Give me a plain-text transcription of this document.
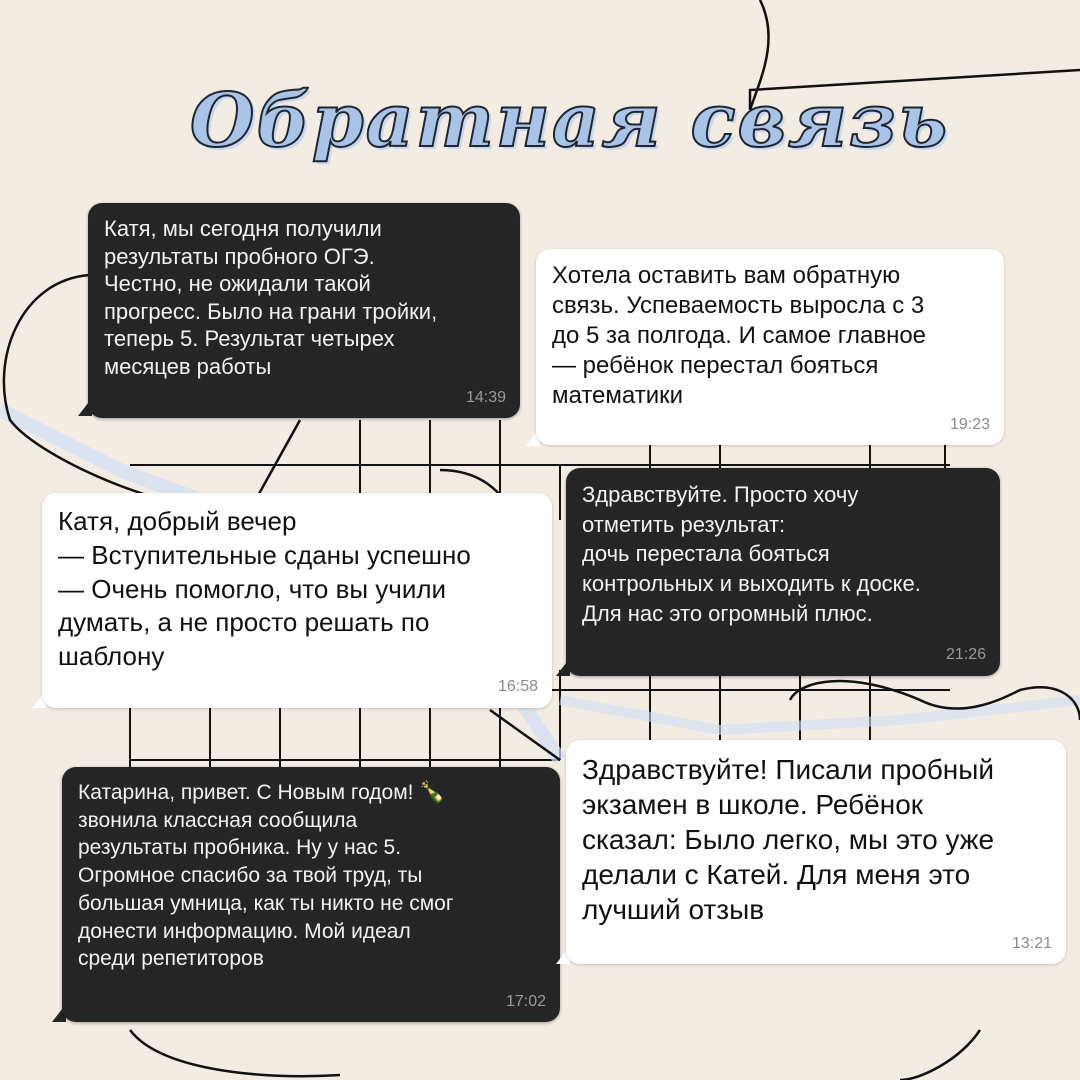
Обратная связь
Катя, мы сегодня получили
результаты пробного ОГЭ.
Честно, не ожидали такой
прогресс. Было на грани тройки,
теперь 5. Результат четырех
месяцев работы
14:39
Хотела оставить вам обратную
связь. Успеваемость выросла с 3
до 5 за полгода. И самое главное
— ребёнок перестал бояться
математики
19:23
Катя, добрый вечер
— Вступительные сданы успешно
— Очень помогло, что вы учили
думать, а не просто решать по
шаблону
16:58
Здравствуйте. Просто хочу
отметить результат:
дочь перестала бояться
контрольных и выходить к доске.
Для нас это огромный плюс.
21:26
Катарина, привет. С Новым годом! 🍾
звонила классная сообщила
результаты пробника. Ну у нас 5.
Огромное спасибо за твой труд, ты
большая умница, как ты никто не смог
донести информацию. Мой идеал
среди репетиторов
17:02
Здравствуйте! Писали пробный
экзамен в школе. Ребёнок
сказал: Было легко, мы это уже
делали с Катей. Для меня это
лучший отзыв
13:21
